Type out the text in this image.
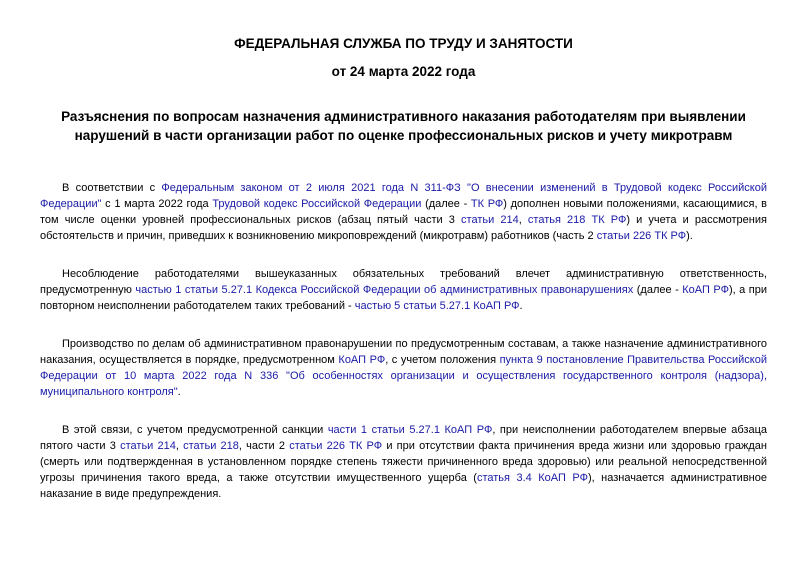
ФЕДЕРАЛЬНАЯ СЛУЖБА ПО ТРУДУ И ЗАНЯТОСТИ
от 24 марта 2022 года
Разъяснения по вопросам назначения административного наказания работодателям при выявлении нарушений в части организации работ по оценке профессиональных рисков и учету микротравм

В соответствии с Федеральным законом от 2 июля 2021 года N 311-ФЗ "О внесении изменений в Трудовой кодекс Российской Федерации" с 1 марта 2022 года Трудовой кодекс Российской Федерации (далее - ТК РФ) дополнен новыми положениями, касающимися, в том числе оценки уровней профессиональных рисков (абзац пятый части 3 статьи 214, статья 218 ТК РФ) и учета и рассмотрения обстоятельств и причин, приведших к возникновению микроповреждений (микротравм) работников (часть 2 статьи 226 ТК РФ).

Несоблюдение работодателями вышеуказанных обязательных требований влечет административную ответственность, предусмотренную частью 1 статьи 5.27.1 Кодекса Российской Федерации об административных правонарушениях (далее - КоАП РФ), а при повторном неисполнении работодателем таких требований - частью 5 статьи 5.27.1 КоАП РФ.

Производство по делам об административном правонарушении по предусмотренным составам, а также назначение административного наказания, осуществляется в порядке, предусмотренном КоАП РФ, с учетом положения пункта 9 постановление Правительства Российской Федерации от 10 марта 2022 года N 336 "Об особенностях организации и осуществления государственного контроля (надзора), муниципального контроля".

В этой связи, с учетом предусмотренной санкции части 1 статьи 5.27.1 КоАП РФ, при неисполнении работодателем впервые абзаца пятого части 3 статьи 214, статьи 218, части 2 статьи 226 ТК РФ и при отсутствии факта причинения вреда жизни или здоровью граждан (смерть или подтвержденная в установленном порядке степень тяжести причиненного вреда здоровью) или реальной непосредственной угрозы причинения такого вреда, а также отсутствии имущественного ущерба (статья 3.4 КоАП РФ), назначается административное наказание в виде предупреждения.
